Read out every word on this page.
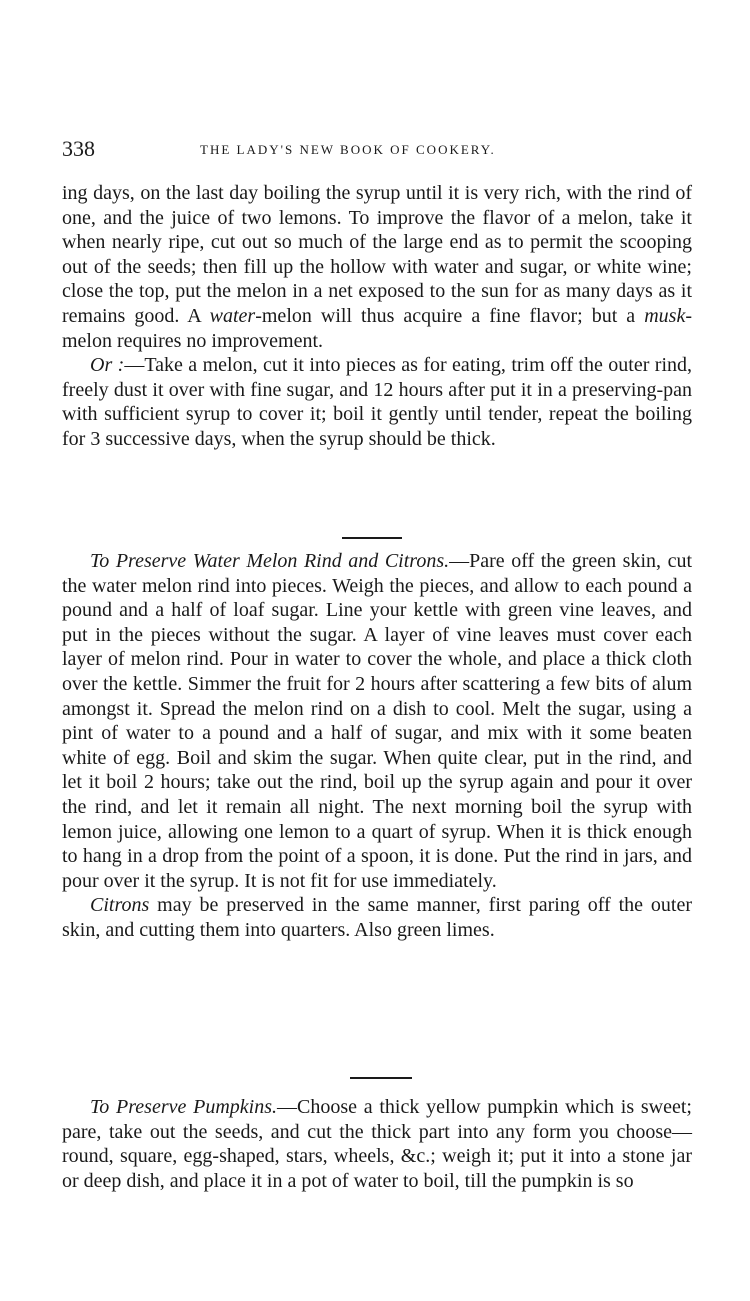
338	THE LADY'S NEW BOOK OF COOKERY.

ing days, on the last day boiling the syrup until it is very rich, with the rind of one, and the juice of two lemons. To improve the flavor of a melon, take it when nearly ripe, cut out so much of the large end as to permit the scooping out of the seeds; then fill up the hollow with water and sugar, or white wine; close the top, put the melon in a net exposed to the sun for as many days as it remains good. A water-melon will thus acquire a fine flavor; but a musk-melon requires no improvement.

Or :—Take a melon, cut it into pieces as for eating, trim off the outer rind, freely dust it over with fine sugar, and 12 hours after put it in a preserving-pan with sufficient syrup to cover it; boil it gently until tender, repeat the boiling for 3 successive days, when the syrup should be thick.

To Preserve Water Melon Rind and Citrons.—Pare off the green skin, cut the water melon rind into pieces. Weigh the pieces, and allow to each pound a pound and a half of loaf sugar. Line your kettle with green vine leaves, and put in the pieces without the sugar. A layer of vine leaves must cover each layer of melon rind. Pour in water to cover the whole, and place a thick cloth over the kettle. Simmer the fruit for 2 hours after scattering a few bits of alum amongst it. Spread the melon rind on a dish to cool. Melt the sugar, using a pint of water to a pound and a half of sugar, and mix with it some beaten white of egg. Boil and skim the sugar. When quite clear, put in the rind, and let it boil 2 hours; take out the rind, boil up the syrup again and pour it over the rind, and let it remain all night. The next morning boil the syrup with lemon juice, allowing one lemon to a quart of syrup. When it is thick enough to hang in a drop from the point of a spoon, it is done. Put the rind in jars, and pour over it the syrup. It is not fit for use immediately.

Citrons may be preserved in the same manner, first paring off the outer skin, and cutting them into quarters. Also green limes.

To Preserve Pumpkins.—Choose a thick yellow pumpkin which is sweet; pare, take out the seeds, and cut the thick part into any form you choose—round, square, egg-shaped, stars, wheels, &c.; weigh it; put it into a stone jar or deep dish, and place it in a pot of water to boil, till the pumpkin is so
